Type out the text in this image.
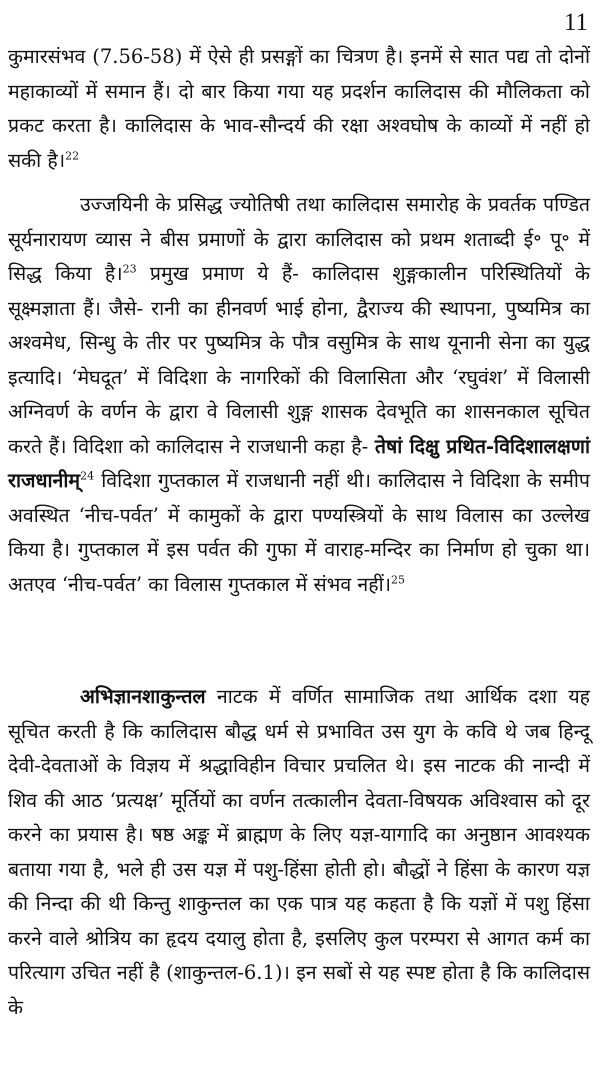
11

कुमारसंभव (7.56-58) में ऐसे ही प्रसङ्गों का चित्रण है। इनमें से सात पद्य तो दोनों महाकाव्यों में समान हैं। दो बार किया गया यह प्रदर्शन कालिदास की मौलिकता को प्रकट करता है। कालिदास के भाव-सौन्दर्य की रक्षा अश्वघोष के काव्यों में नहीं हो सकी है।$^{22}$

उज्जयिनी के प्रसिद्ध ज्योतिषी तथा कालिदास समारोह के प्रवर्तक पण्डित सूर्यनारायण व्यास ने बीस प्रमाणों के द्वारा कालिदास को प्रथम शताब्दी ई॰ पू॰ में सिद्ध किया है।$^{23}$ प्रमुख प्रमाण ये हैं- कालिदास शुङ्गकालीन परिस्थितियों के सूक्ष्मज्ञाता हैं। जैसे- रानी का हीनवर्ण भाई होना, द्वैराज्य की स्थापना, पुष्यमित्र का अश्वमेध, सिन्धु के तीर पर पुष्यमित्र के पौत्र वसुमित्र के साथ यूनानी सेना का युद्ध इत्यादि। ‘मेघदूत’ में विदिशा के नागरिकों की विलासिता और ‘रघुवंश’ में विलासी अग्निवर्ण के वर्णन के द्वारा वे विलासी शुङ्ग शासक देवभूति का शासनकाल सूचित करते हैं। विदिशा को कालिदास ने राजधानी कहा है- तेषां दिक्षु प्रथित-विदिशालक्षणां राजधानीम्$^{24}$ विदिशा गुप्तकाल में राजधानी नहीं थी। कालिदास ने विदिशा के समीप अवस्थित ‘नीच-पर्वत’ में कामुकों के द्वारा पण्यस्त्रियों के साथ विलास का उल्लेख किया है। गुप्तकाल में इस पर्वत की गुफा में वाराह-मन्दिर का निर्माण हो चुका था। अतएव ‘नीच-पर्वत’ का विलास गुप्तकाल में संभव नहीं।$^{25}$

अभिज्ञानशाकुन्तल नाटक में वर्णित सामाजिक तथा आर्थिक दशा यह सूचित करती है कि कालिदास बौद्ध धर्म से प्रभावित उस युग के कवि थे जब हिन्दू देवी-देवताओं के विज्ञय में श्रद्धाविहीन विचार प्रचलित थे। इस नाटक की नान्दी में शिव की आठ ‘प्रत्यक्ष’ मूर्तियों का वर्णन तत्कालीन देवता-विषयक अविश्वास को दूर करने का प्रयास है। षष्ठ अङ्क में ब्राह्मण के लिए यज्ञ-यागादि का अनुष्ठान आवश्यक बताया गया है, भले ही उस यज्ञ में पशु-हिंसा होती हो। बौद्धों ने हिंसा के कारण यज्ञ की निन्दा की थी किन्तु शाकुन्तल का एक पात्र यह कहता है कि यज्ञों में पशु हिंसा करने वाले श्रोत्रिय का हृदय दयालु होता है, इसलिए कुल परम्परा से आगत कर्म का परित्याग उचित नहीं है (शाकुन्तल-6.1)। इन सबों से यह स्पष्ट होता है कि कालिदास के
